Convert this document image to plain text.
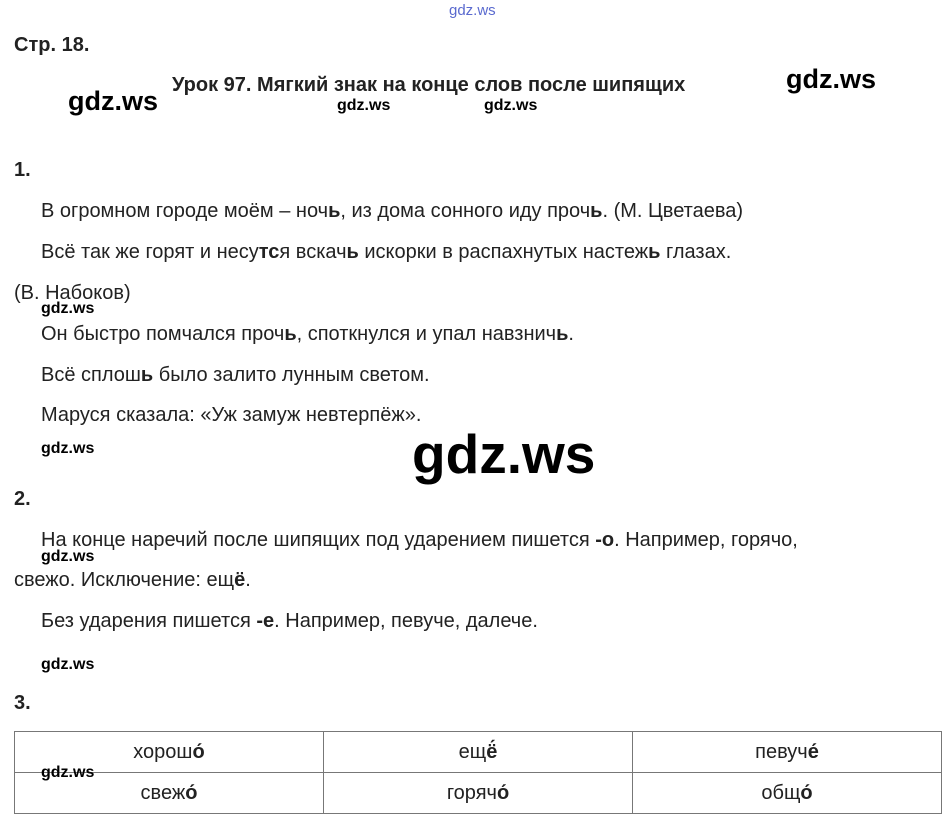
gdz.ws
gdz.ws
gdz.ws
gdz.ws	gdz.ws
gdz.ws
gdz.ws	gdz.ws
gdz.ws
gdz.ws
Стр. 18.
Урок 97. Мягкий знак на конце слов после шипящих
1.
В огромном городе моём – ночь, из дома сонного иду прочь. (М. Цветаева)
Всё так же горят и несутся вскачь искорки в распахнутых настежь глазах.
(В. Набоков)
Он быстро помчался прочь, споткнулся и упал навзничь.
Всё сплошь было залито лунным светом.
Маруся сказала: «Уж замуж невтерпёж».
2.
На конце наречий после шипящих под ударением пишется -о. Например, горячо,
свежо. Исключение: ещё.
Без ударения пишется -е. Например, певуче, далече.
3.
хорошо́	ещё́	певуче́
свежо́	горячо́	общо́
gdz.ws
